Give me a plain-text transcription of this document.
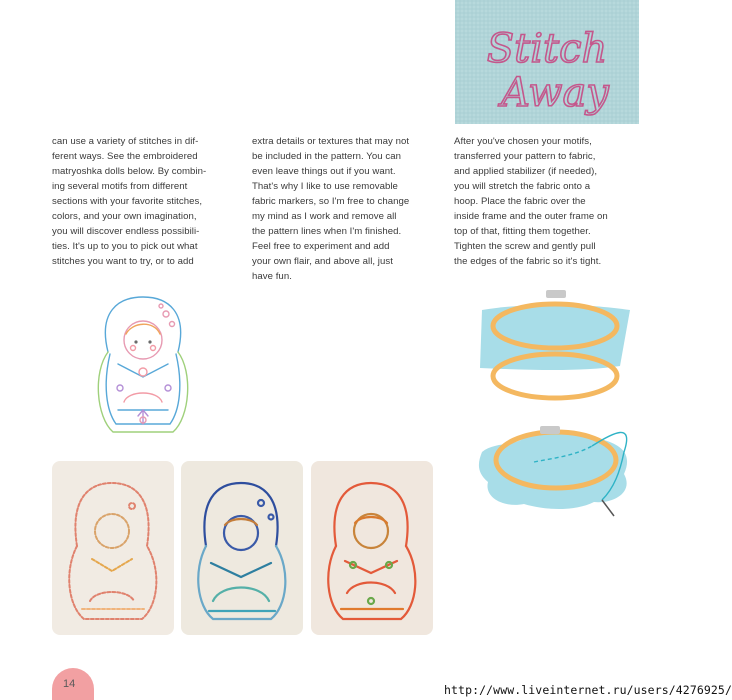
Stitch
Away
can use a variety of stitches in dif-
ferent ways. See the embroidered
matryoshka dolls below. By combin-
ing several motifs from different
sections with your favorite stitches,
colors, and your own imagination,
you will discover endless possibili-
ties. It's up to you to pick out what
stitches you want to try, or to add
extra details or textures that may not
be included in the pattern. You can
even leave things out if you want.
That's why I like to use removable
fabric markers, so I'm free to change
my mind as I work and remove all
the pattern lines when I'm finished.
Feel free to experiment and add
your own flair, and above all, just
have fun.
After you've chosen your motifs,
transferred your pattern to fabric,
and applied stabilizer (if needed),
you will stretch the fabric onto a
hoop. Place the fabric over the
inside frame and the outer frame on
top of that, fitting them together.
Tighten the screw and gently pull
the edges of the fabric so it's tight.
14	http://www.liveinternet.ru/users/4276925/
